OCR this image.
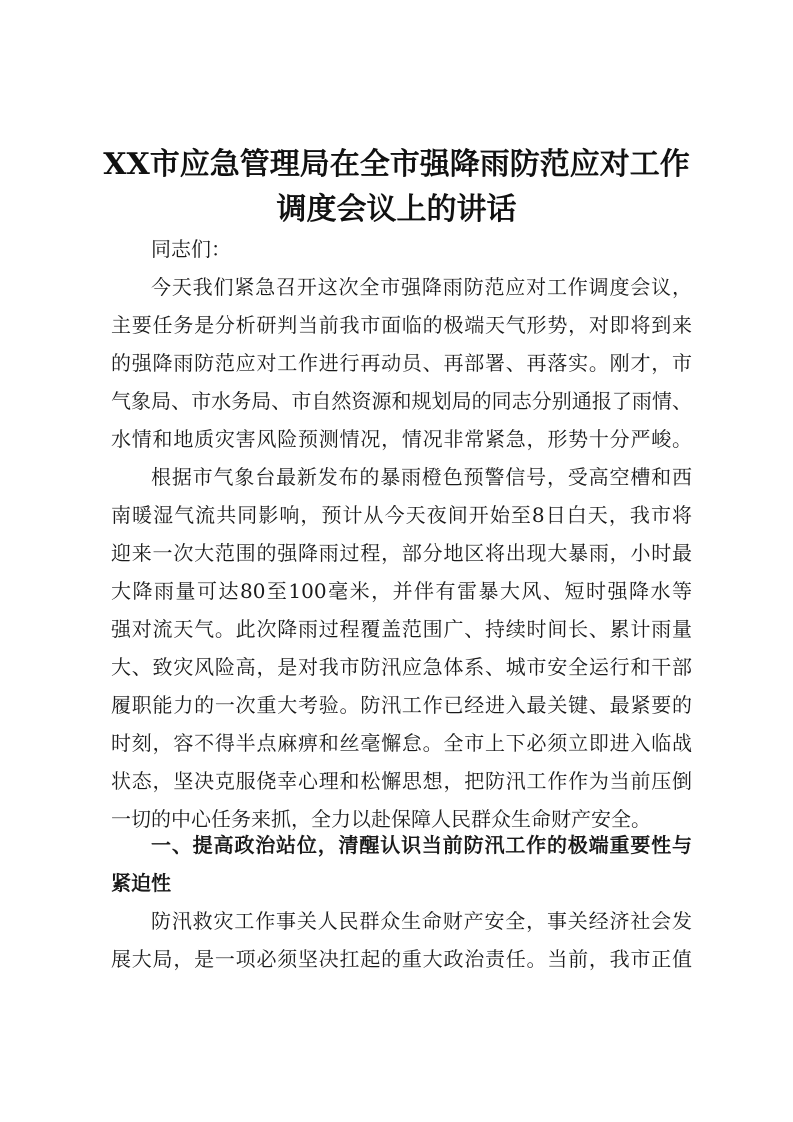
XX市应急管理局在全市强降雨防范应对工作
调度会议上的讲话
同志们：
今天我们紧急召开这次全市强降雨防范应对工作调度会议，
主要任务是分析研判当前我市面临的极端天气形势，对即将到来
的强降雨防范应对工作进行再动员、再部署、再落实。刚才，市
气象局、市水务局、市自然资源和规划局的同志分别通报了雨情、
水情和地质灾害风险预测情况，情况非常紧急，形势十分严峻。
根据市气象台最新发布的暴雨橙色预警信号，受高空槽和西
南暖湿气流共同影响，预计从今天夜间开始至8日白天，我市将
迎来一次大范围的强降雨过程，部分地区将出现大暴雨，小时最
大降雨量可达80至100毫米，并伴有雷暴大风、短时强降水等
强对流天气。此次降雨过程覆盖范围广、持续时间长、累计雨量
大、致灾风险高，是对我市防汛应急体系、城市安全运行和干部
履职能力的一次重大考验。防汛工作已经进入最关键、最紧要的
时刻，容不得半点麻痹和丝毫懈怠。全市上下必须立即进入临战
状态，坚决克服侥幸心理和松懈思想，把防汛工作作为当前压倒
一切的中心任务来抓，全力以赴保障人民群众生命财产安全。
一、提高政治站位，清醒认识当前防汛工作的极端重要性与
紧迫性
防汛救灾工作事关人民群众生命财产安全，事关经济社会发
展大局，是一项必须坚决扛起的重大政治责任。当前，我市正值
